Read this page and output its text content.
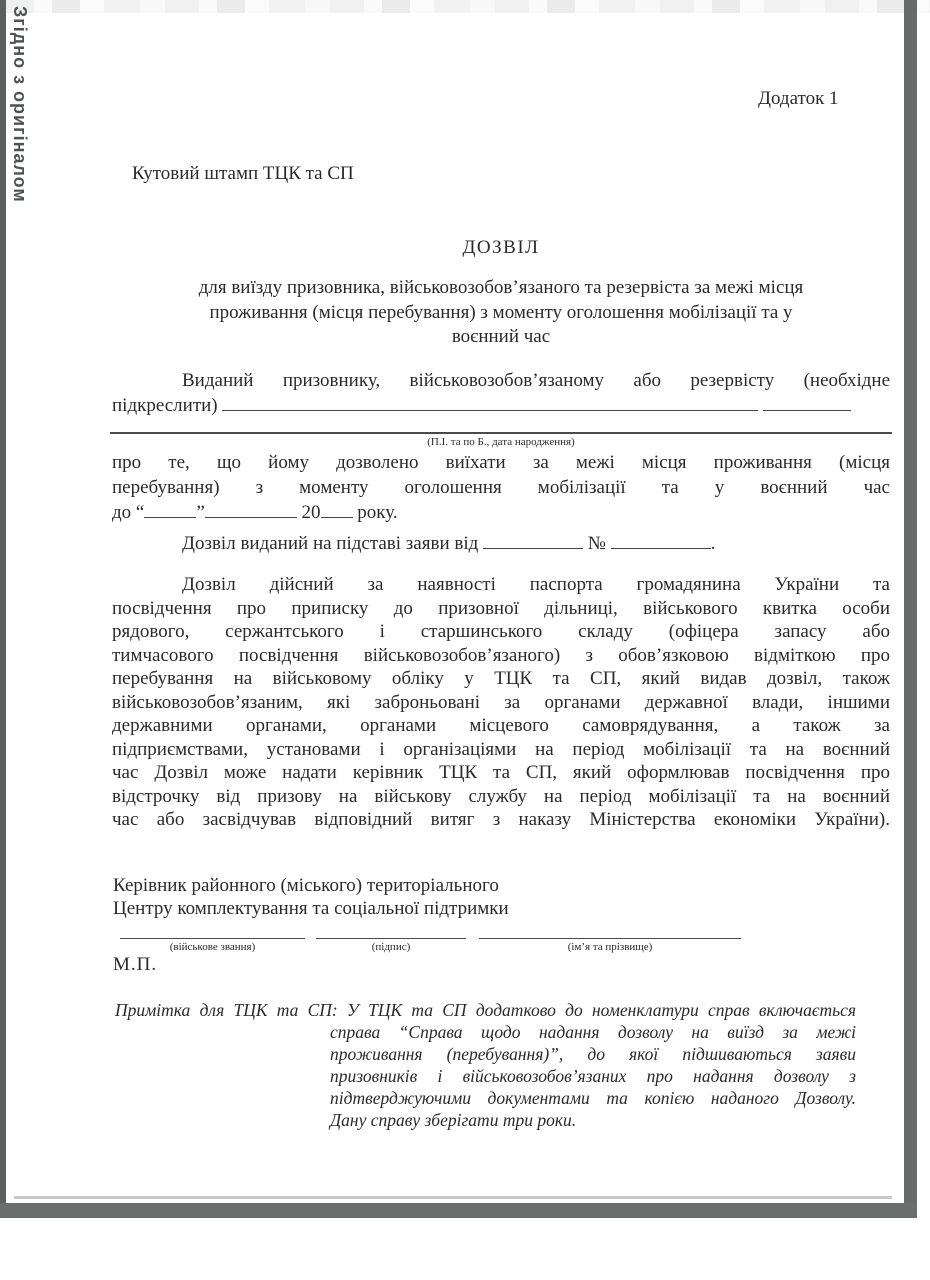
Згідно з оригіналом	Додаток 1
Кутовий штамп ТЦК та СП
ДОЗВІЛ
для виїзду призовника, військовозобов’язаного та резервіста за межі місця
проживання (місця перебування) з моменту оголошення мобілізації та у
воєнний час
Виданий призовнику, військовозобов’язаному або резервісту (необхідне
підкреслити)
(П.І. та по Б., дата народження)
про те, що йому дозволено виїхати за межі місця проживання (місця
перебування) з моменту оголошення мобілізації та у воєнний час
до “	”	20 року.
Дозвіл виданий на підставі заяви від	№	.
Дозвіл дійсний за наявності паспорта громадянина України та
посвідчення про приписку до призовної дільниці, військового квитка особи
рядового, сержантського і старшинського складу (офіцера запасу або
тимчасового посвідчення військовозобов’язаного) з обов’язковою відміткою про
перебування на військовому обліку у ТЦК та СП, який видав дозвіл, також
військовозобов’язаним, які заброньовані за органами державної влади, іншими
державними органами, органами місцевого самоврядування, а також за
підприємствами, установами і організаціями на період мобілізації та на воєнний
час Дозвіл може надати керівник ТЦК та СП, який оформлював посвідчення про
відстрочку від призову на військову службу на період мобілізації та на воєнний
час або засвідчував відповідний витяг з наказу Міністерства економіки України).
Керівник районного (міського) територіального
Центру комплектування та соціальної підтримки
(військове звання)	(підпис)	(ім’я та прізвище)
М.П.
Примітка для ТЦК та СП: У ТЦК та СП додатково до номенклатури справ включається
справа “Справа щодо надання дозволу на виїзд за межі
проживання (перебування)”, до якої підшиваються заяви
призовників і військовозобов’язаних про надання дозволу з
підтверджуючими документами та копією наданого Дозволу.
Дану справу зберігати три роки.
